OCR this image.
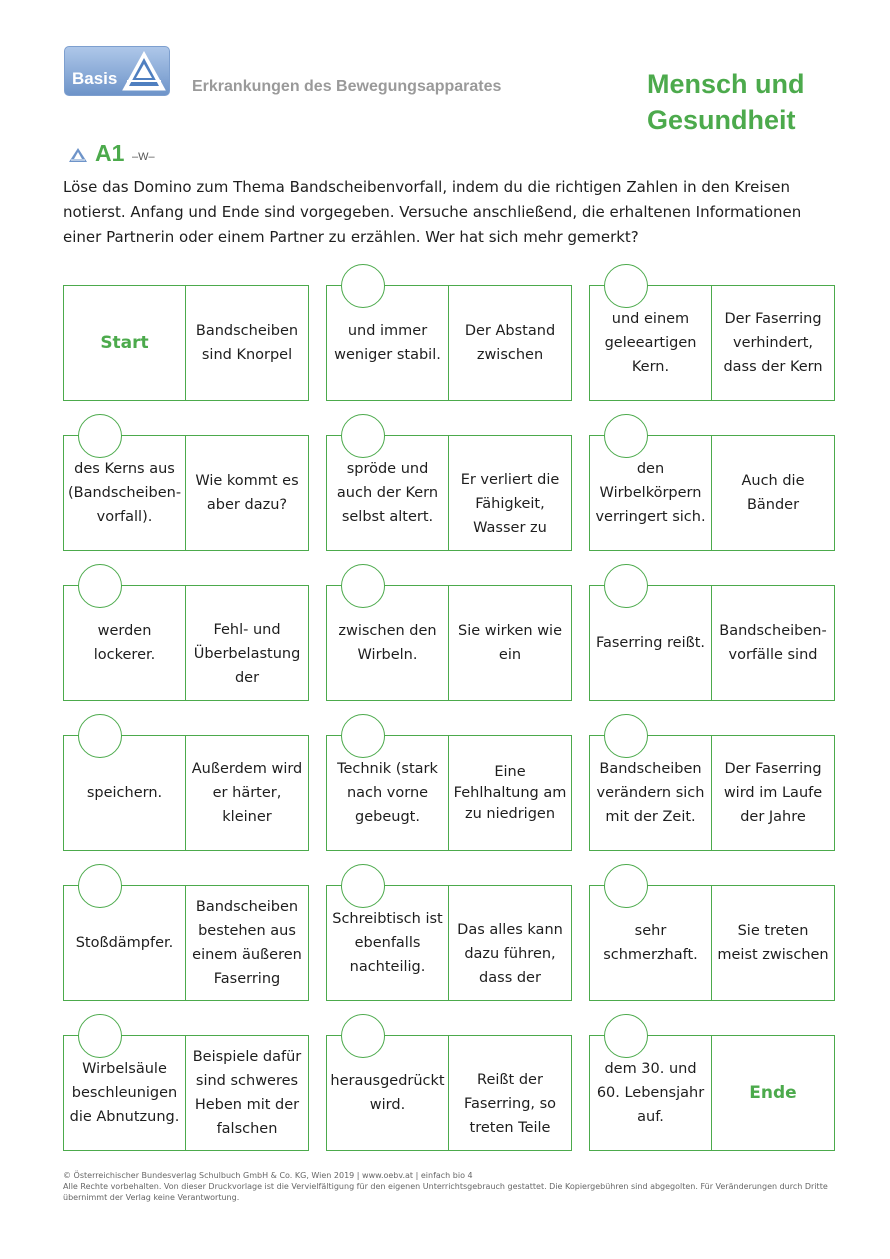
Basis	Erkrankungen des Bewegungsapparates	Mensch und
Gesundheit
A1 –W–
Löse das Domino zum Thema Bandscheibenvorfall, indem du die richtigen Zahlen in den Kreisen notierst. Anfang und Ende sind vorgegeben. Versuche anschließend, die erhaltenen Informationen einer Partnerin oder einem Partner zu erzählen. Wer hat sich mehr gemerkt?
Start
Bandscheiben sind Knorpel
und immer weniger stabil.
Der Abstand zwischen
und einem geleeartigen Kern.
Der Faserring verhindert, dass der Kern
des Kerns aus (Bandscheiben-vorfall).
Wie kommt es aber dazu?
spröde und auch der Kern selbst altert.
Er verliert die Fähigkeit, Wasser zu
den Wirbelkörpern verringert sich.
Auch die Bänder
werden lockerer.
Fehl- und Überbelastung der
zwischen den Wirbeln.
Sie wirken wie ein
Faserring reißt.
Bandscheiben-vorfälle sind
speichern.
Außerdem wird er härter, kleiner
Technik (stark nach vorne gebeugt.
Eine Fehlhaltung am zu niedrigen
Bandscheiben verändern sich mit der Zeit.
Der Faserring wird im Laufe der Jahre
Stoßdämpfer.
Bandscheiben bestehen aus einem äußeren Faserring
Schreibtisch ist ebenfalls nachteilig.
Das alles kann dazu führen, dass der
sehr schmerzhaft.
Sie treten meist zwischen
Wirbelsäule beschleunigen die Abnutzung.
Beispiele dafür sind schweres Heben mit der falschen
herausgedrückt wird.
Reißt der Faserring, so treten Teile
dem 30. und 60. Lebensjahr auf.
Ende
© Österreichischer Bundesverlag Schulbuch GmbH & Co. KG, Wien 2019 | www.oebv.at | einfach bio 4
Alle Rechte vorbehalten. Von dieser Druckvorlage ist die Vervielfältigung für den eigenen Unterrichtsgebrauch gestattet. Die Kopiergebühren sind abgegolten. Für Veränderungen durch Dritte übernimmt der Verlag keine Verantwortung.
